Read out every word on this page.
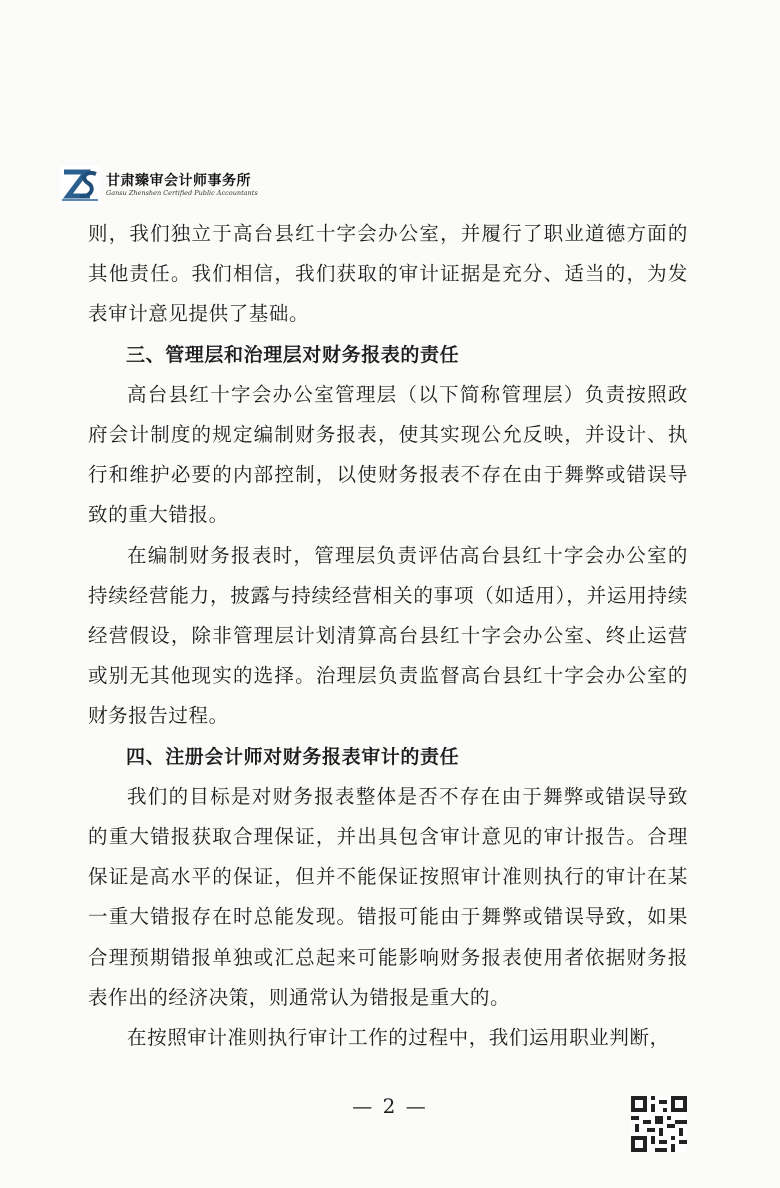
甘肃臻审会计师事务所
Gansu Zhenshen Certified Public Accountants

则，我们独立于高台县红十字会办公室，并履行了职业道德方面的其他责任。我们相信，我们获取的审计证据是充分、适当的，为发表审计意见提供了基础。

三、管理层和治理层对财务报表的责任

高台县红十字会办公室管理层（以下简称管理层）负责按照政府会计制度的规定编制财务报表，使其实现公允反映，并设计、执行和维护必要的内部控制，以使财务报表不存在由于舞弊或错误导致的重大错报。

在编制财务报表时，管理层负责评估高台县红十字会办公室的持续经营能力，披露与持续经营相关的事项（如适用），并运用持续经营假设，除非管理层计划清算高台县红十字会办公室、终止运营或别无其他现实的选择。治理层负责监督高台县红十字会办公室的财务报告过程。

四、注册会计师对财务报表审计的责任

我们的目标是对财务报表整体是否不存在由于舞弊或错误导致的重大错报获取合理保证，并出具包含审计意见的审计报告。合理保证是高水平的保证，但并不能保证按照审计准则执行的审计在某一重大错报存在时总能发现。错报可能由于舞弊或错误导致，如果合理预期错报单独或汇总起来可能影响财务报表使用者依据财务报表作出的经济决策，则通常认为错报是重大的。

在按照审计准则执行审计工作的过程中，我们运用职业判断，

— 2 —
